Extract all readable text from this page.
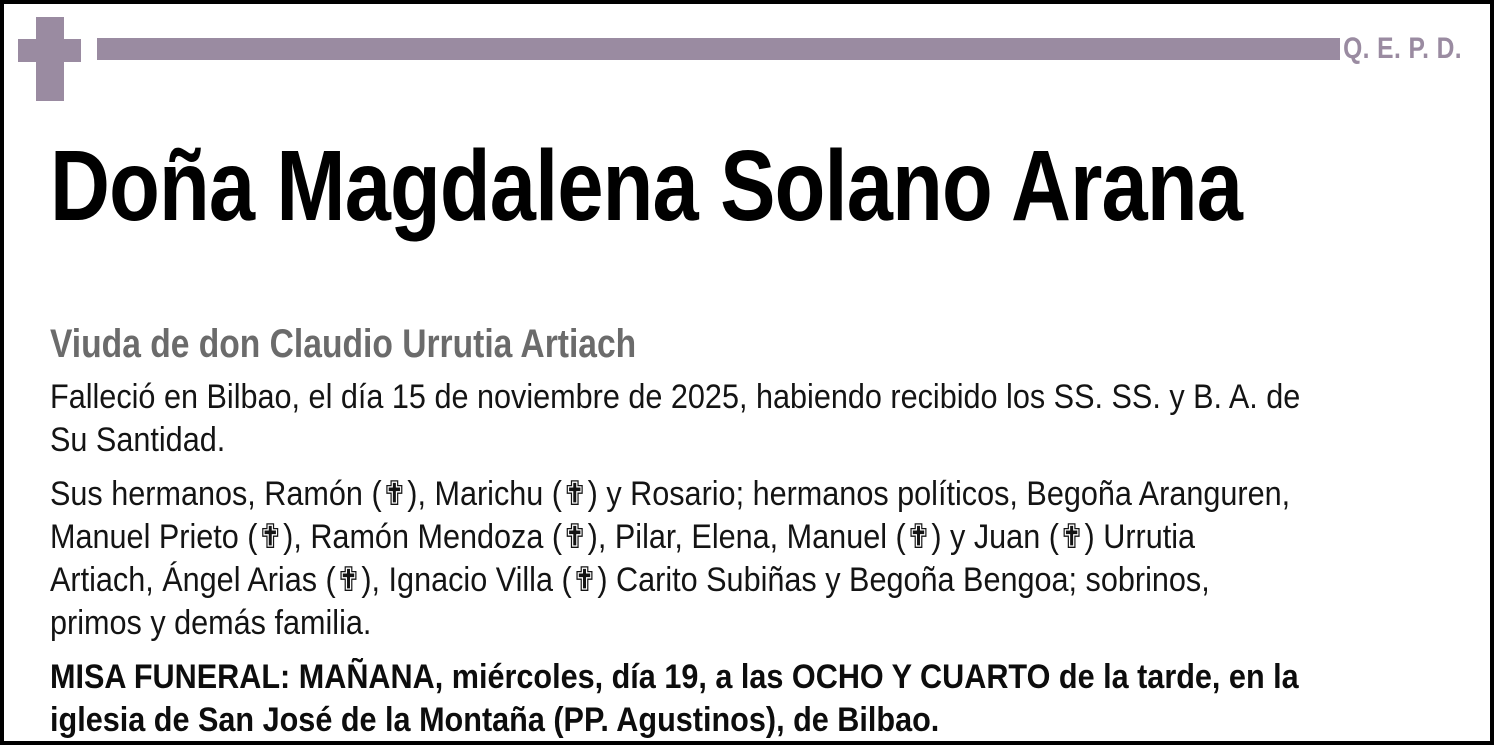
Q. E. P. D.
Doña Magdalena Solano Arana
Viuda de don Claudio Urrutia Artiach

Falleció en Bilbao, el día 15 de noviembre de 2025, habiendo recibido los SS. SS. y B. A. de
Su Santidad.

Sus hermanos, Ramón (✟), Marichu (✟) y Rosario; hermanos políticos, Begoña Aranguren,
Manuel Prieto (✟), Ramón Mendoza (✟), Pilar, Elena, Manuel (✟) y Juan (✟) Urrutia
Artiach, Ángel Arias (✟), Ignacio Villa (✟) Carito Subiñas y Begoña Bengoa; sobrinos,
primos y demás familia.

MISA FUNERAL: MAÑANA, miércoles, día 19, a las OCHO Y CUARTO de la tarde, en la
iglesia de San José de la Montaña (PP. Agustinos), de Bilbao.
